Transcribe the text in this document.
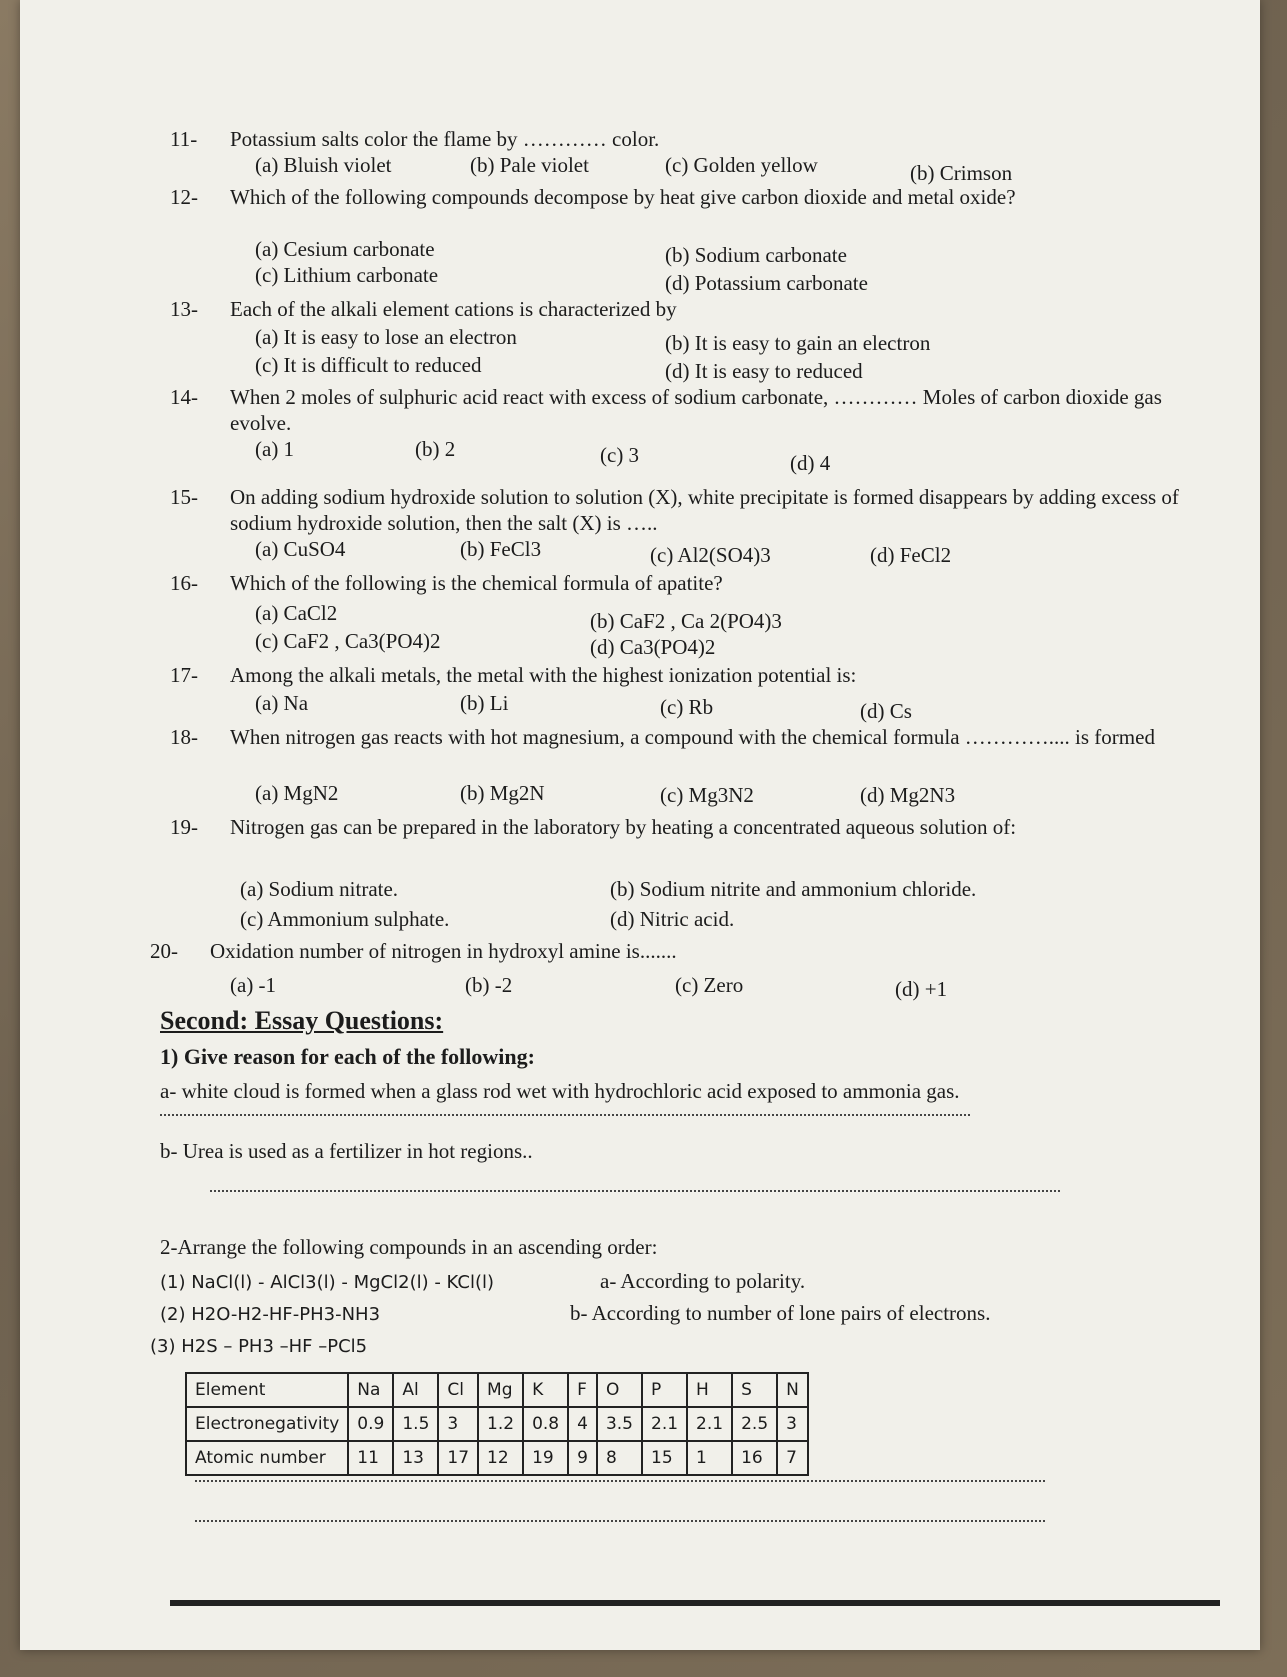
11- Potassium salts color the flame by ………… color.
(a) Bluish violet	(b) Pale violet	(c) Golden yellow	(b) Crimson
12- Which of the following compounds decompose by heat give carbon dioxide and metal oxide?
(a) Cesium carbonate	(b) Sodium carbonate
(c) Lithium carbonate	(d) Potassium carbonate
13- Each of the alkali element cations is characterized by
(a) It is easy to lose an electron	(b) It is easy to gain an electron
(c) It is difficult to reduced	(d) It is easy to reduced
14- When 2 moles of sulphuric acid react with excess of sodium carbonate, ………… Moles of carbon dioxide gas evolve.
(a) 1	(b) 2	(c) 3	(d) 4
15- On adding sodium hydroxide solution to solution (X), white precipitate is formed disappears by adding excess of sodium hydroxide solution, then the salt (X) is …..
(a) CuSO4	(b) FeCl3	(c) Al2(SO4)3	(d) FeCl2
16- Which of the following is the chemical formula of apatite?
(a) CaCl2	(b) CaF2 , Ca 2(PO4)3
(c) CaF2 , Ca3(PO4)2	(d) Ca3(PO4)2
17- Among the alkali metals, the metal with the highest ionization potential is:
(a) Na	(b) Li	(c) Rb	(d) Cs
18- When nitrogen gas reacts with hot magnesium, a compound with the chemical formula ………….... is formed
(a) MgN2	(b) Mg2N	(c) Mg3N2	(d) Mg2N3
19- Nitrogen gas can be prepared in the laboratory by heating a concentrated aqueous solution of:
(a) Sodium nitrate.	(b) Sodium nitrite and ammonium chloride.
(c) Ammonium sulphate.	(d) Nitric acid.
20- Oxidation number of nitrogen in hydroxyl amine is.......
(a) -1	(b) -2	(c) Zero	(d) +1
Second: Essay Questions:
1) Give reason for each of the following:
a- white cloud is formed when a glass rod wet with hydrochloric acid exposed to ammonia gas.
b- Urea is used as a fertilizer in hot regions..
2-Arrange the following compounds in an ascending order:
(1) NaCl(l) - AlCl3(l) - MgCl2(l) - KCl(l)	a- According to polarity.
(2) H2O-H2-HF-PH3-NH3	b- According to number of lone pairs of electrons.
(3) H2S – PH3 –HF –PCl5
Element	Na	Al	Cl	Mg	K	F	O	P	H	S	N
Electronegativity	0.9	1.5	3	1.2	0.8	4	3.5	2.1	2.1	2.5	3
Atomic number	11	13	17	12	19	9	8	15	1	16	7
